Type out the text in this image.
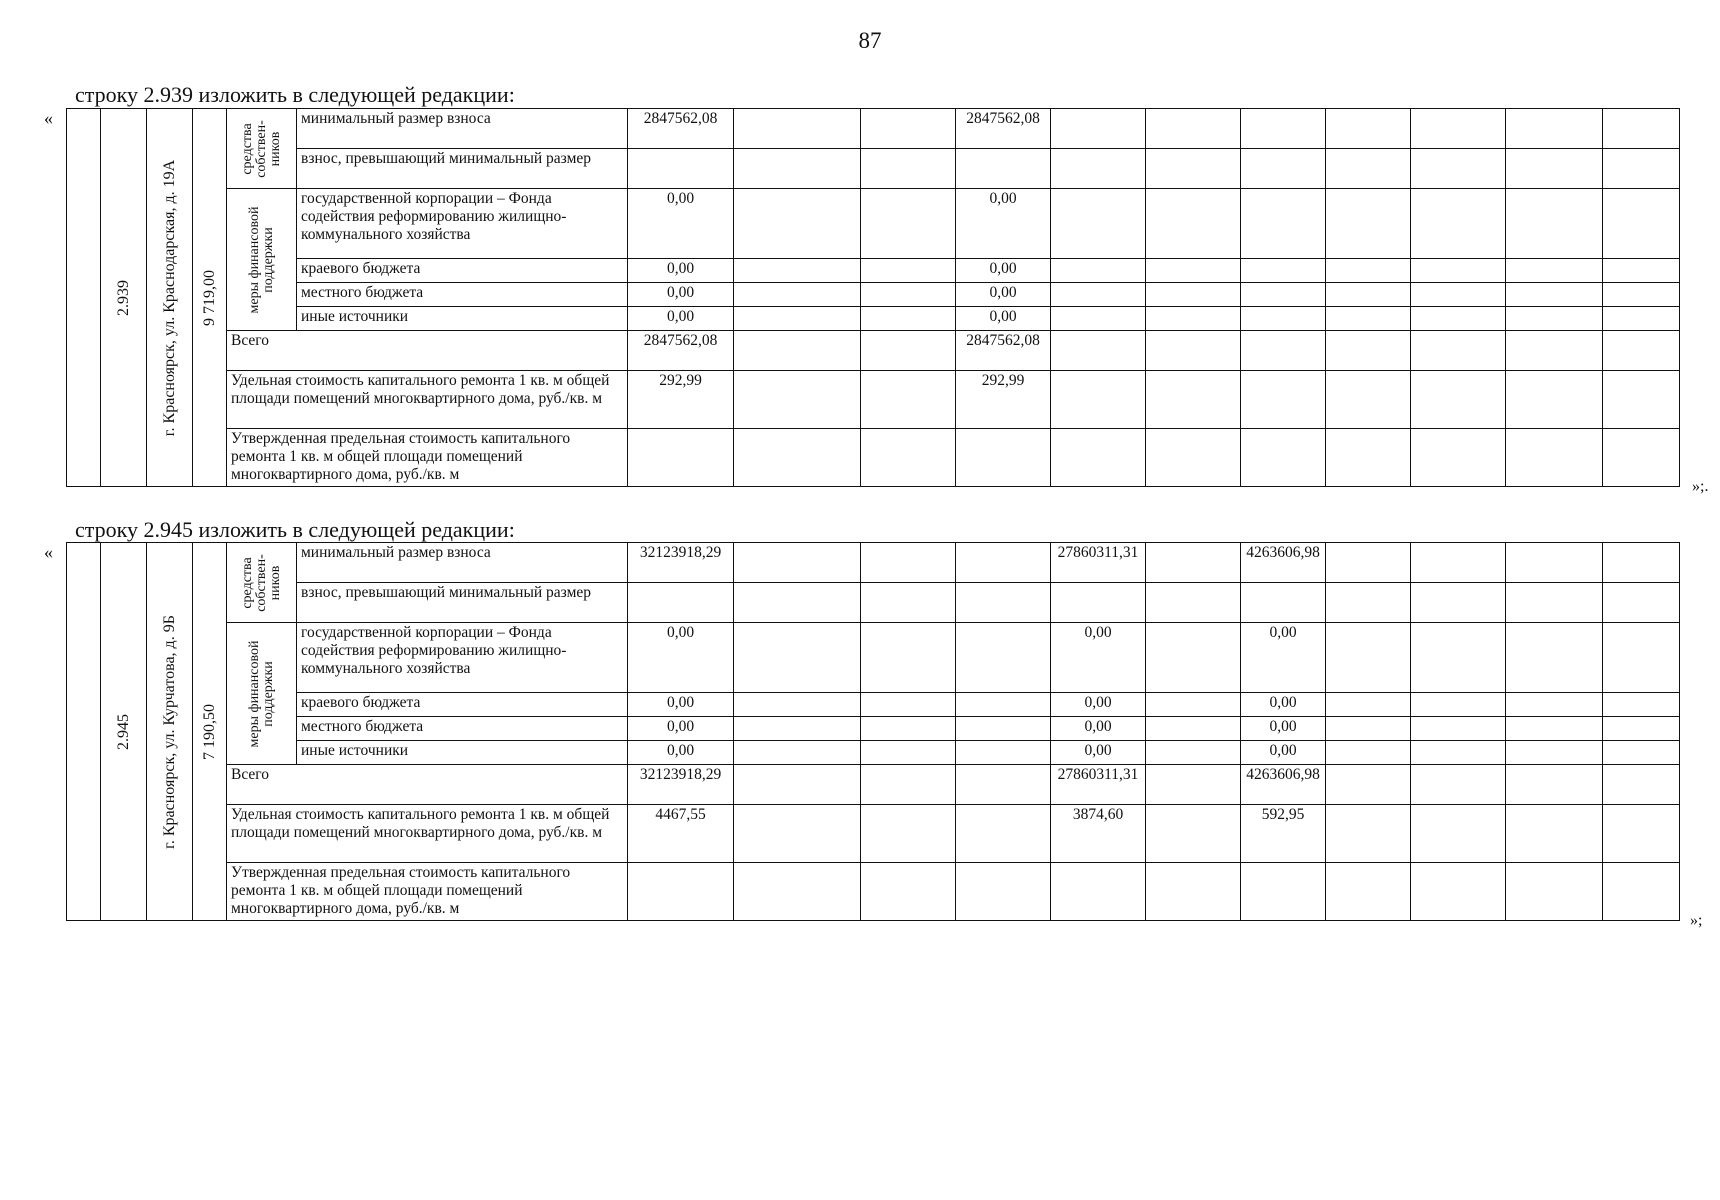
87
строку 2.939 изложить в следующей редакции:
«

	2.939	г. Красноярск, ул. Краснодарская, д. 19А	9 719,00	средства собствен-ников	минимальный размер взноса	2847562,08			2847562,08							
					взнос, превышающий минимальный размер											

				меры финансовой поддержки	государственной корпорации – Фонда содействия реформированию жилищно-коммунального хозяйства	0,00			0,00							
					краевого бюджета	0,00			0,00							
					местного бюджета	0,00			0,00							
					иные источники	0,00			0,00							
				Всего		2847562,08			2847562,08							
				Удельная стоимость капитального ремонта 1 кв. м общей площади помещений многоквартирного дома, руб./кв. м		292,99			292,99							
				Утвержденная предельная стоимость капитального ремонта 1 кв. м общей площади помещений многоквартирного дома, руб./кв. м												
»;.
строку 2.945 изложить в следующей редакции:
«

	2.945	г. Красноярск, ул. Курчатова, д. 9Б	7 190,50	средства собствен-ников	минимальный размер взноса	32123918,29				27860311,31		4263606,98				
					взнос, превышающий минимальный размер											

				меры финансовой поддержки	государственной корпорации – Фонда содействия реформированию жилищно-коммунального хозяйства	0,00				0,00		0,00				
					краевого бюджета	0,00				0,00		0,00				
					местного бюджета	0,00				0,00		0,00				
					иные источники	0,00				0,00		0,00				
				Всего		32123918,29				27860311,31		4263606,98				
				Удельная стоимость капитального ремонта 1 кв. м общей площади помещений многоквартирного дома, руб./кв. м		4467,55				3874,60		592,95				
				Утвержденная предельная стоимость капитального ремонта 1 кв. м общей площади помещений многоквартирного дома, руб./кв. м												
»;
